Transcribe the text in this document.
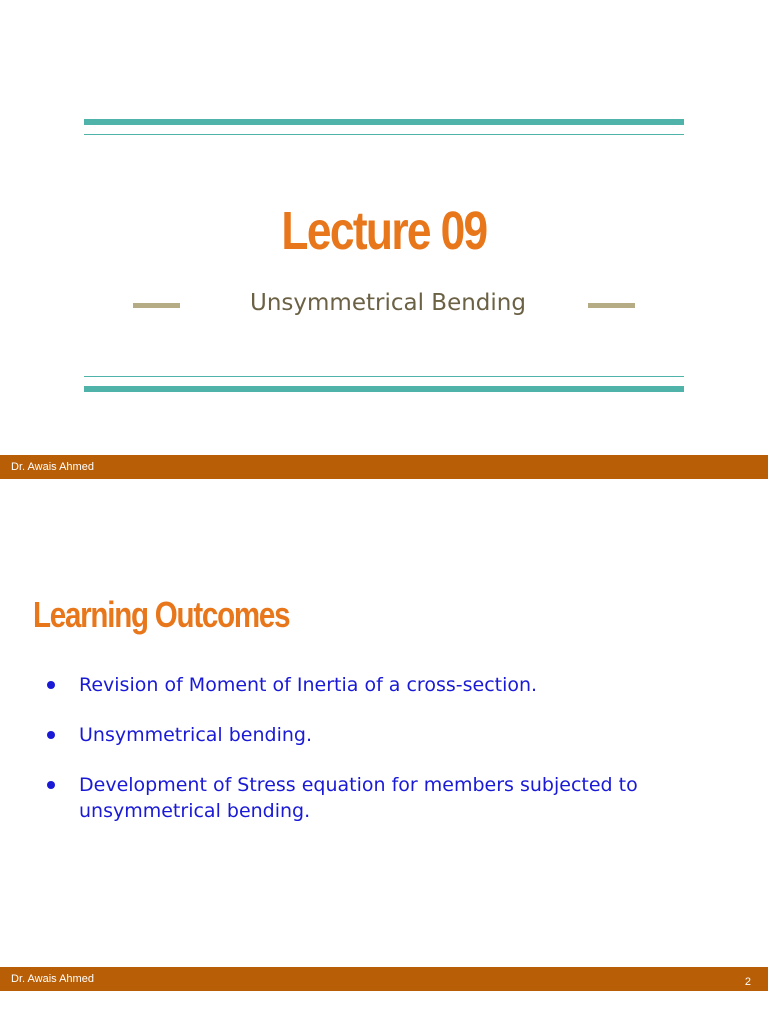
Lecture 09
Unsymmetrical Bending
Dr. Awais Ahmed
Learning Outcomes
Revision of Moment of Inertia of a cross-section.
Unsymmetrical bending.
Development of Stress equation for members subjected to unsymmetrical bending.
Dr. Awais Ahmed	2
